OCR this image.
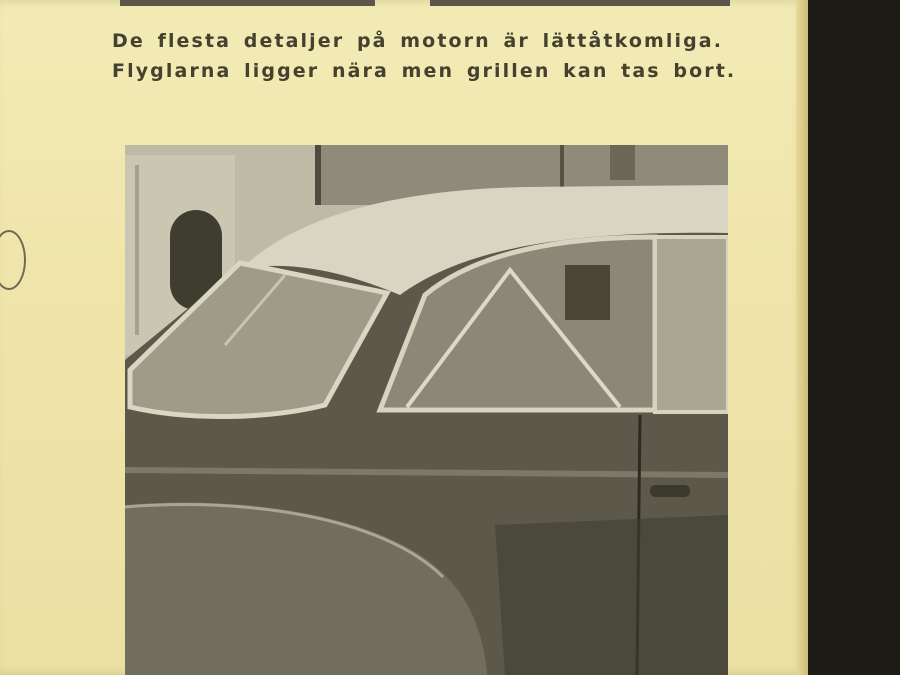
De flesta detaljer på motorn är lättåtkomliga.
Flyglarna ligger nära men grillen kan tas bort.
